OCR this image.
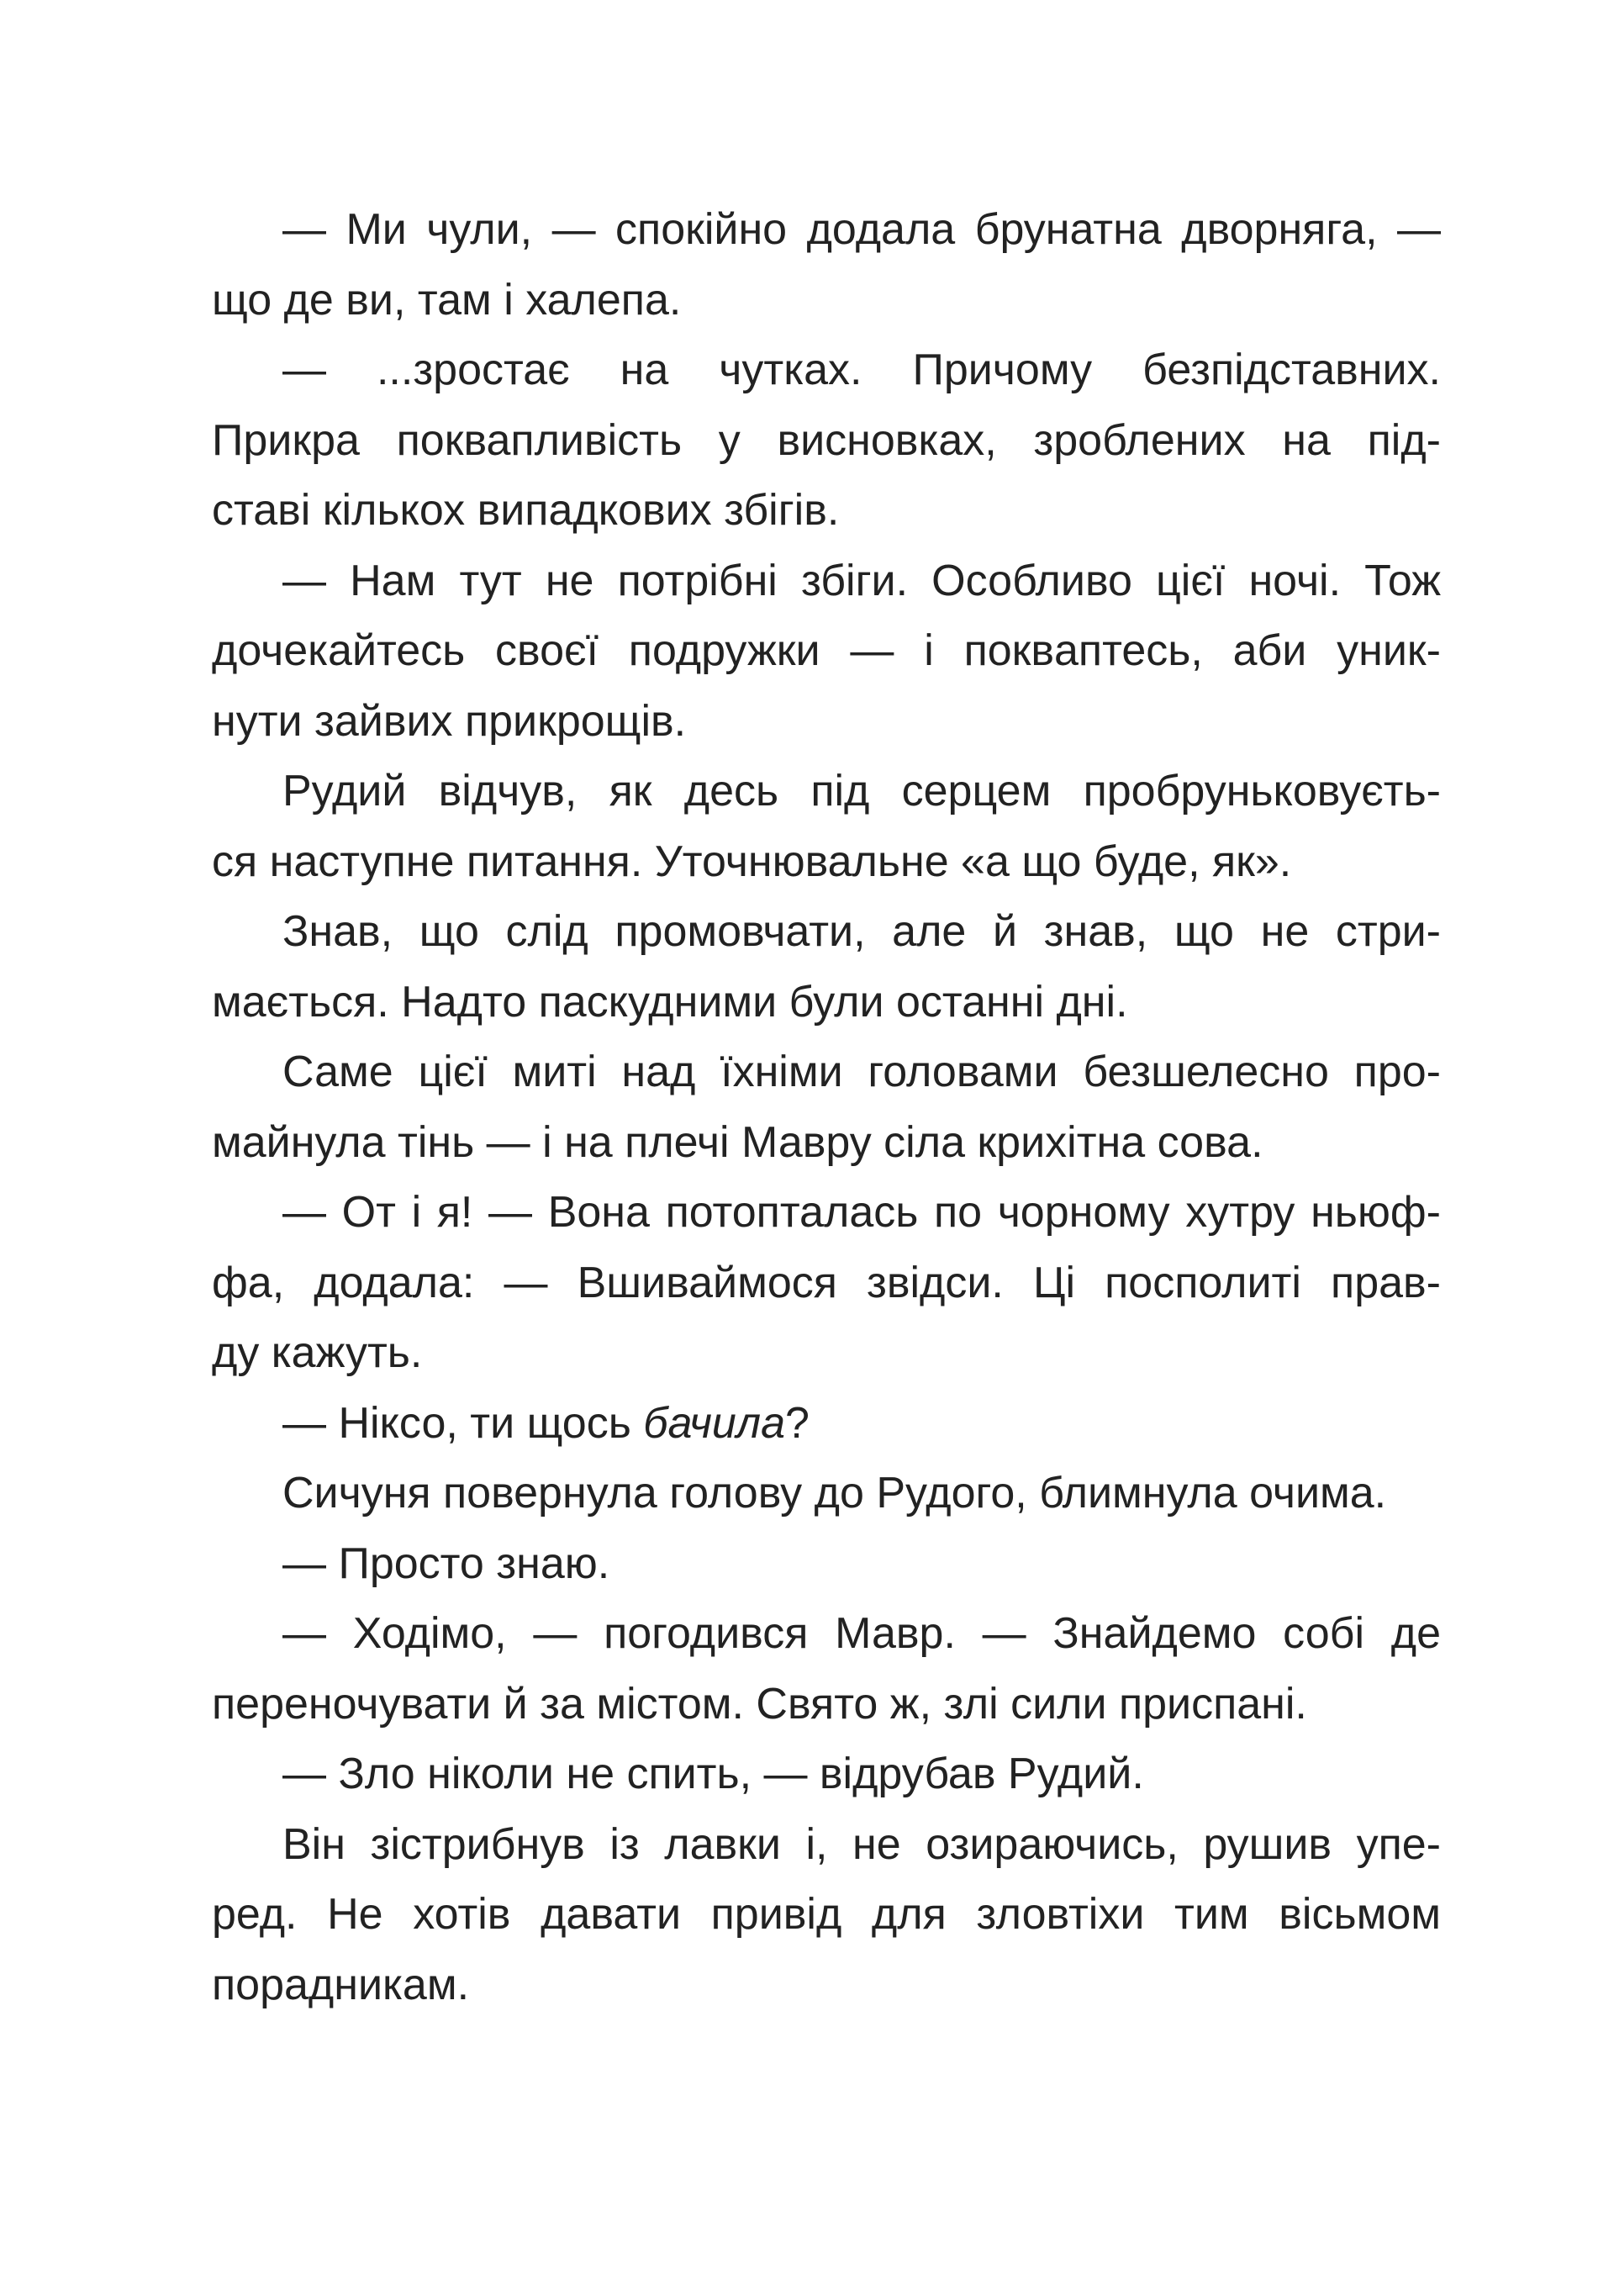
— Ми чули, — спокійно додала брунатна дворняга, —
що де ви, там і халепа.
— ...зростає на чутках. Причому безпідставних.
Прикра поквапливість у висновках, зроблених на під-
ставі кількох випадкових збігів.
— Нам тут не потрібні збіги. Особливо цієї ночі. Тож
дочекайтесь своєї подружки — і поквaптесь, аби уник-
нути зайвих прикрощів.
Рудий відчув, як десь під серцем пробруньковуєть-
ся наступне питання. Уточнювальне «а що буде, як».
Знав, що слід промовчати, але й знав, що не стри-
мається. Надто паскудними були останні дні.
Саме цієї миті над їхніми головами безшелесно про-
майнула тінь — і на плечі Мавру сіла крихітна сова.
— От і я! — Вона потопталась по чорному хутру ньюф-
фа, додала: — Вшиваймося звідси. Ці посполиті прав-
ду кажуть.
— Ніксо, ти щось бачила?
Сичуня повернула голову до Рудого, блимнула очима.
— Просто знаю.
— Ходімо, — погодився Мавр. — Знайдемо собі де
переночувати й за містом. Свято ж, злі сили приспані.
— Зло ніколи не спить, — відрубав Рудий.
Він зістрибнув із лавки і, не озираючись, рушив упе-
ред. Не хотів давати привід для зловтіхи тим вісьмом
порадникам.
